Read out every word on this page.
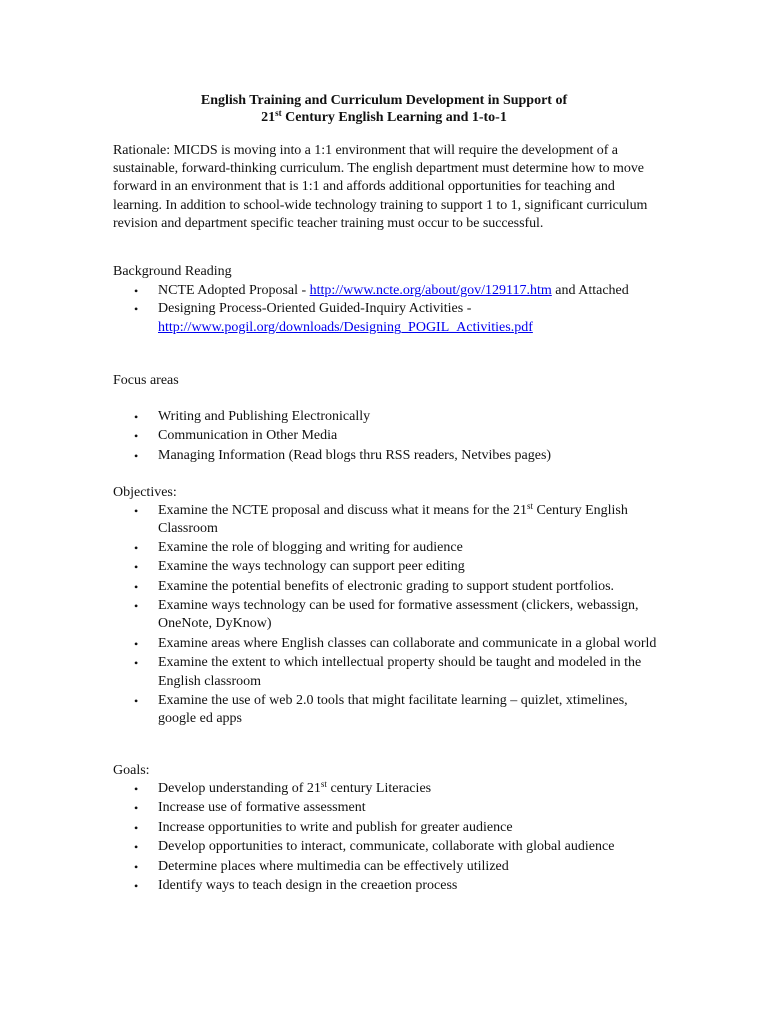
English Training and Curriculum Development in Support of
21st Century English Learning and 1-to-1
Rationale: MICDS is moving into a 1:1 environment that will require the development of a sustainable, forward-thinking curriculum. The english department must determine how to move forward in an environment that is 1:1 and affords additional opportunities for teaching and learning. In addition to school-wide technology training to support 1 to 1, significant curriculum revision and department specific teacher training must occur to be successful.
Background Reading
• NCTE Adopted Proposal - http://www.ncte.org/about/gov/129117.htm and Attached
• Designing Process-Oriented Guided-Inquiry Activities - http://www.pogil.org/downloads/Designing_POGIL_Activities.pdf
Focus areas
• Writing and Publishing Electronically
• Communication in Other Media
• Managing Information (Read blogs thru RSS readers, Netvibes pages)
Objectives:
• Examine the NCTE proposal and discuss what it means for the 21st Century English Classroom
• Examine the role of blogging and writing for audience
• Examine the ways technology can support peer editing
• Examine the potential benefits of electronic grading to support student portfolios.
• Examine ways technology can be used for formative assessment (clickers, webassign, OneNote, DyKnow)
• Examine areas where English classes can collaborate and communicate in a global world
• Examine the extent to which intellectual property should be taught and modeled in the English classroom
• Examine the use of web 2.0 tools that might facilitate learning – quizlet, xtimelines, google ed apps
Goals:
• Develop understanding of 21st century Literacies
• Increase use of formative assessment
• Increase opportunities to write and publish for greater audience
• Develop opportunities to interact, communicate, collaborate with global audience
• Determine places where multimedia can be effectively utilized
• Identify ways to teach design in the creaetion process
